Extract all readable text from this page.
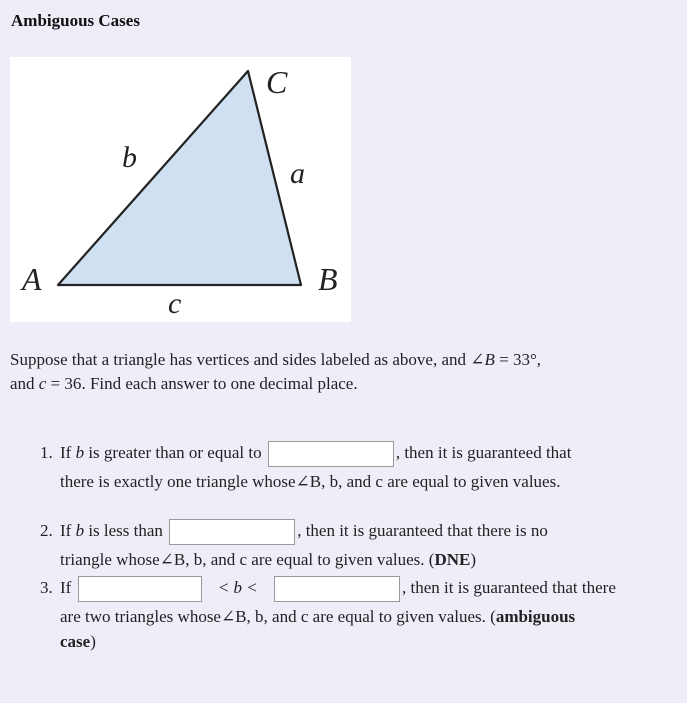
Ambiguous Cases
C
A	B
b	a
c
Suppose that a triangle has vertices and sides labeled as above, and ∠B = 33°,
and c = 36. Find each answer to one decimal place.
1. If b is greater than or equal to	, then it is guaranteed that
there is exactly one triangle whose∠B, b, and c are equal to given values.
2. If b is less than	, then it is guaranteed that there is no
triangle whose∠B, b, and c are equal to given values. (DNE)
3. If	< b <	, then it is guaranteed that there
are two triangles whose∠B, b, and c are equal to given values. (ambiguous
case)
